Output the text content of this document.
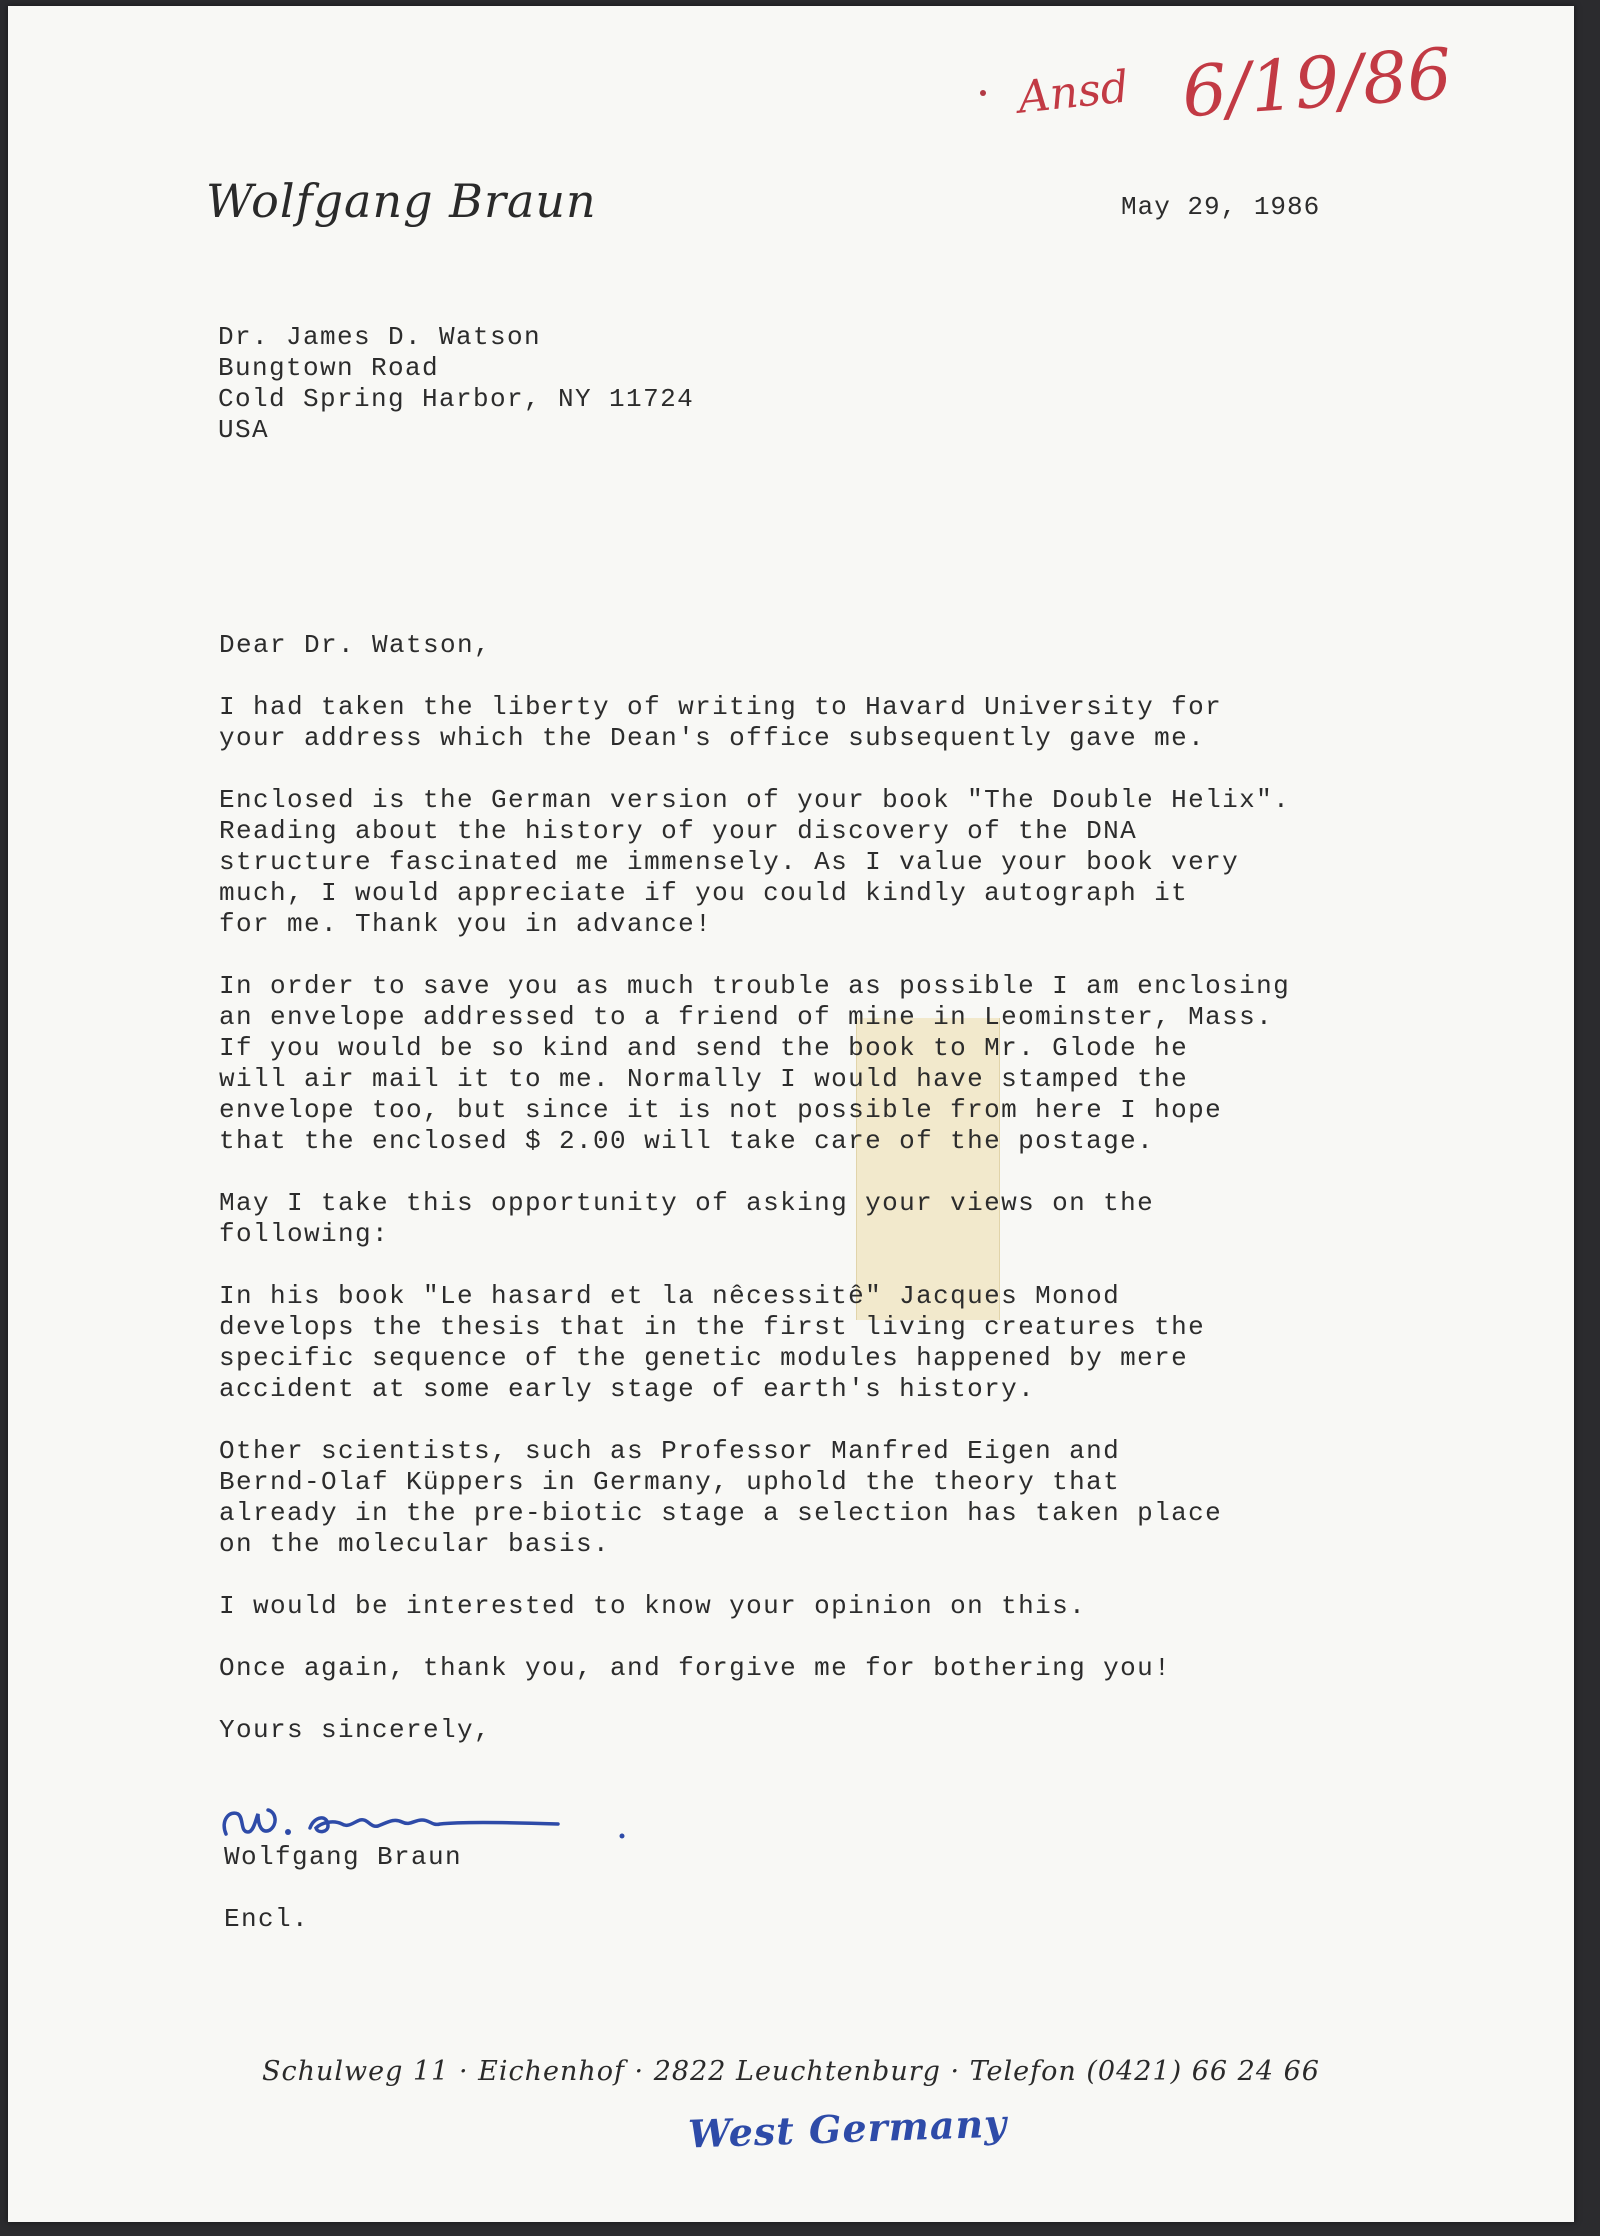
Ansd 6/19/86
Wolfgang Braun	May 29, 1986
Dr. James D. Watson
Bungtown Road
Cold Spring Harbor, NY 11724
USA
Dear Dr. Watson,
I had taken the liberty of writing to Havard University for
your address which the Dean's office subsequently gave me.
Enclosed is the German version of your book "The Double Helix".
Reading about the history of your discovery of the DNA
structure fascinated me immensely. As I value your book very
much, I would appreciate if you could kindly autograph it
for me. Thank you in advance!
In order to save you as much trouble as possible I am enclosing
an envelope addressed to a friend of mine in Leominster, Mass.
If you would be so kind and send the book to Mr. Glode he
will air mail it to me. Normally I would have stamped the
envelope too, but since it is not possible from here I hope
that the enclosed $ 2.00 will take care of the postage.
May I take this opportunity of asking your views on the
following:
In his book "Le hasard et la nêcessitê" Jacques Monod
develops the thesis that in the first living creatures the
specific sequence of the genetic modules happened by mere
accident at some early stage of earth's history.
Other scientists, such as Professor Manfred Eigen and
Bernd-Olaf Küppers in Germany, uphold the theory that
already in the pre-biotic stage a selection has taken place
on the molecular basis.
I would be interested to know your opinion on this.
Once again, thank you, and forgive me for bothering you!
Yours sincerely,
Wolfgang Braun
Encl.
Schulweg 11 · Eichenhof · 2822 Leuchtenburg · Telefon (0421) 66 24 66
West Germany
